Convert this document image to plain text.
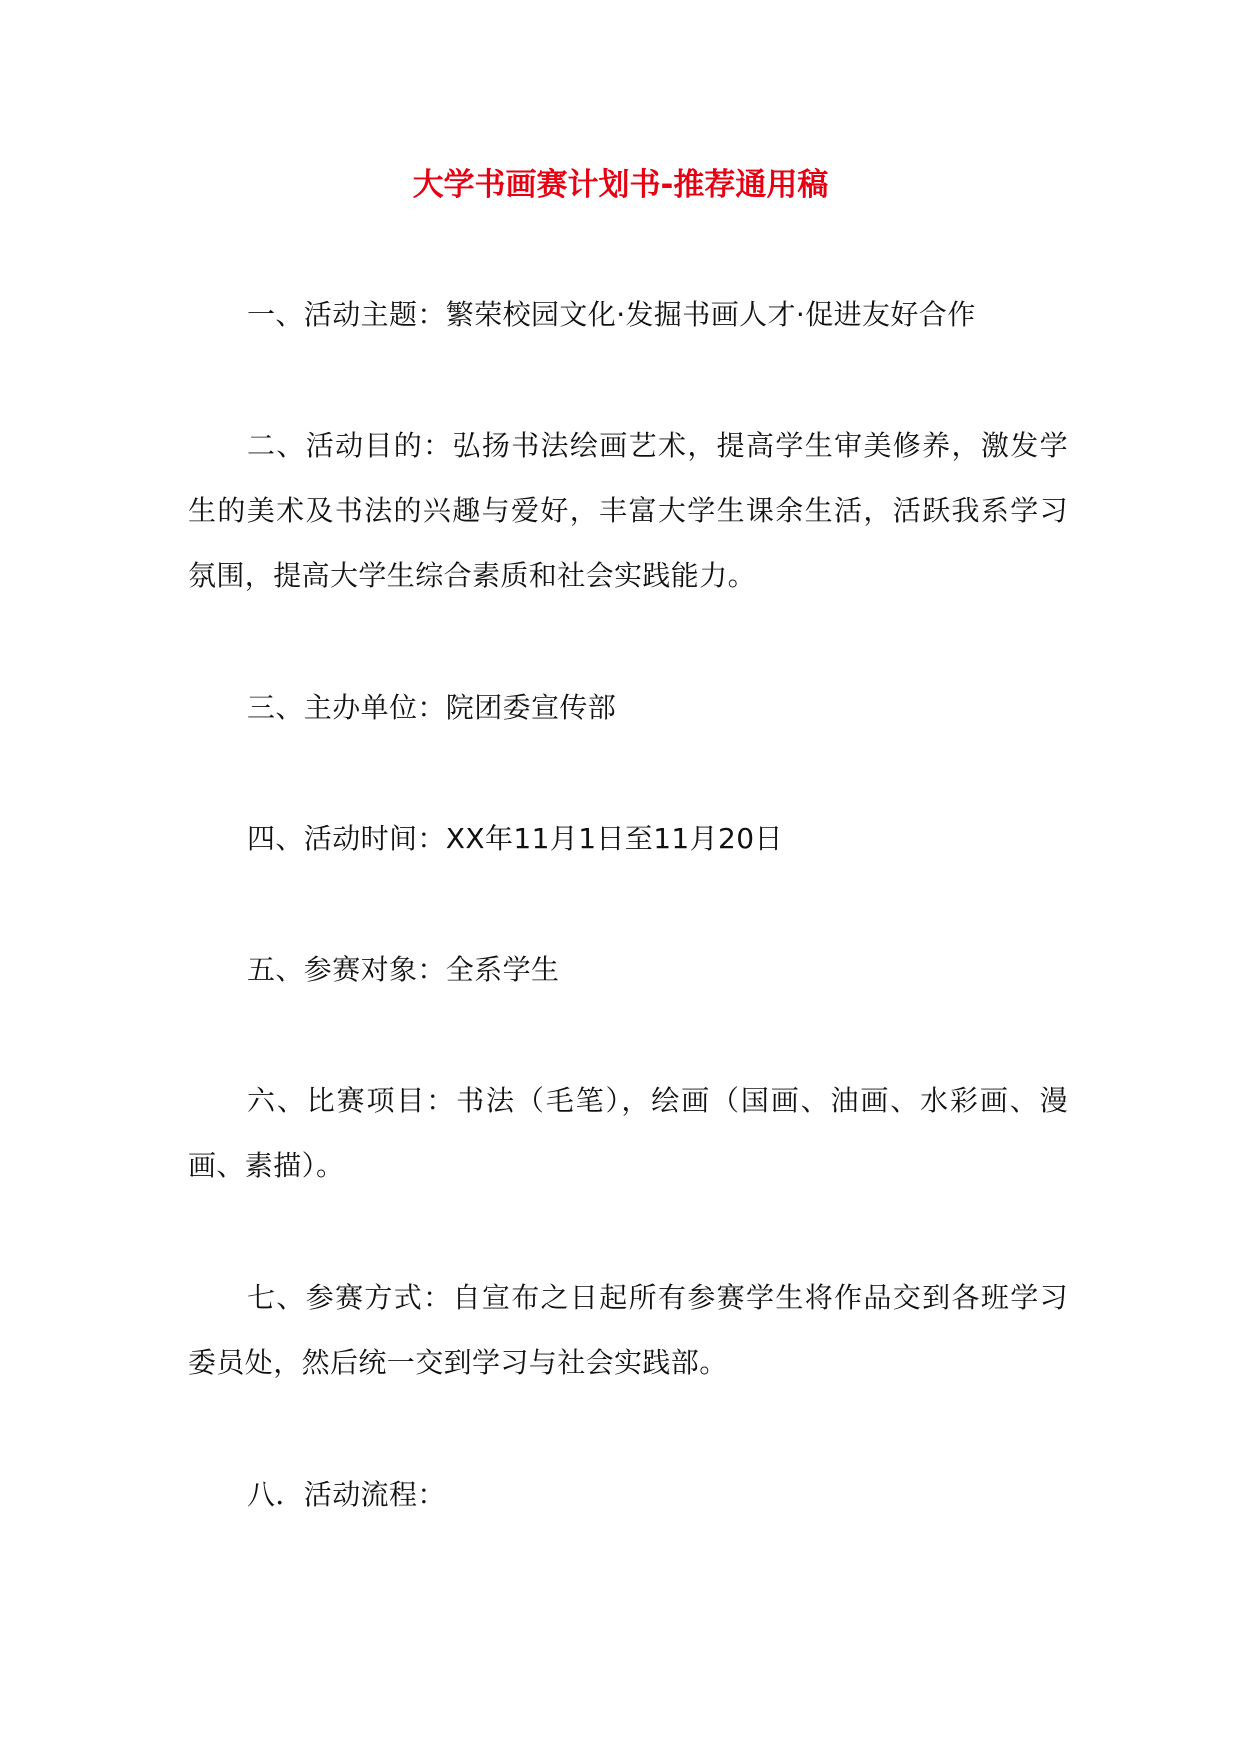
大学书画赛计划书-推荐通用稿

一、活动主题：繁荣校园文化·发掘书画人才·促进友好合作

二、活动目的：弘扬书法绘画艺术，提高学生审美修养，激发学生的美术及书法的兴趣与爱好，丰富大学生课余生活，活跃我系学习氛围，提高大学生综合素质和社会实践能力。

三、主办单位：院团委宣传部

四、活动时间：XX年11月1日至11月20日

五、参赛对象：全系学生

六、比赛项目：书法（毛笔），绘画（国画、油画、水彩画、漫画、素描）。

七、参赛方式：自宣布之日起所有参赛学生将作品交到各班学习委员处，然后统一交到学习与社会实践部。

八．活动流程：
